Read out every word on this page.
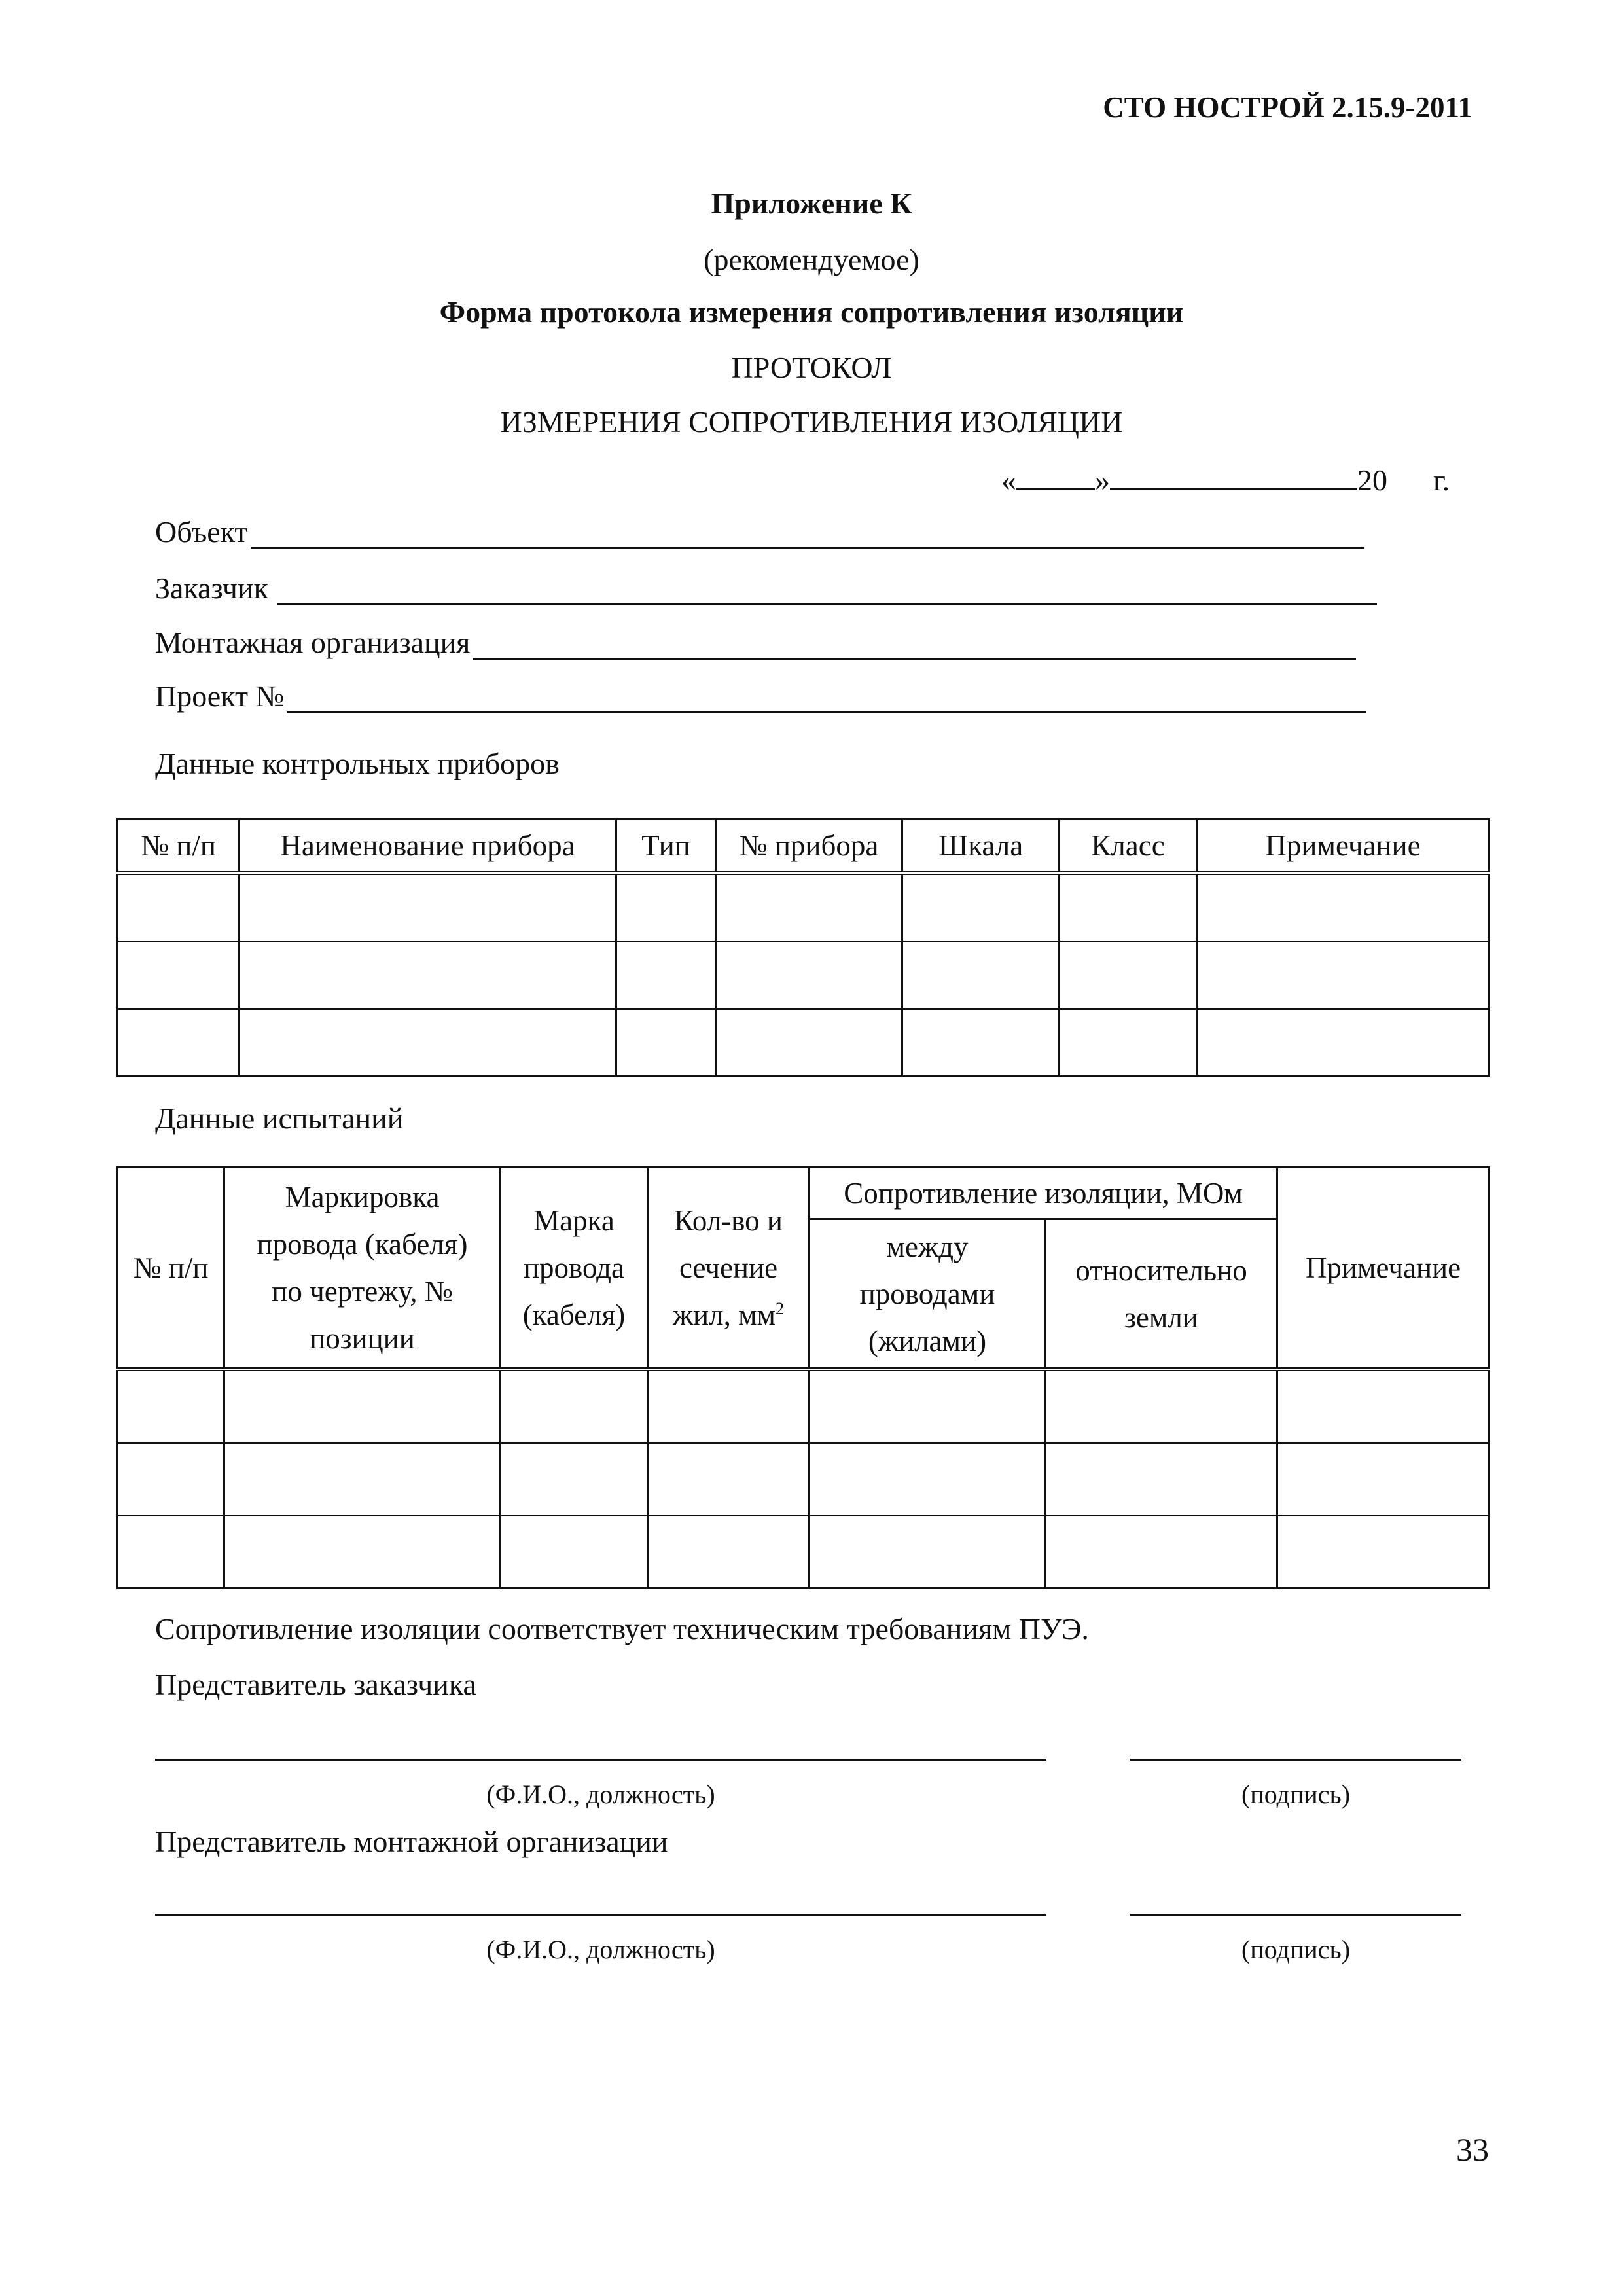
СТО НОСТРОЙ 2.15.9-2011
Приложение К
(рекомендуемое)
Форма протокола измерения сопротивления изоляции
ПРОТОКОЛ
ИЗМЕРЕНИЯ СОПРОТИВЛЕНИЯ ИЗОЛЯЦИИ
«	»	20 г.
Объект
Заказчик
Монтажная организация
Проект №
Данные контрольных приборов
№ п/п	Наименование прибора	Тип	№ прибора	Шкала	Класс	Примечание

Данные испытаний
№ п/п	Маркировка провода (кабеля) по чертежу, № позиции	Марка провода (кабеля)	Кол-во и сечение жил, $мм^2$	Сопротивление изоляции, МОм		Примечание
				между проводами (жилами)	относительно земли	

Сопротивление изоляции соответствует техническим требованиям ПУЭ.
Представитель заказчика
(Ф.И.О., должность)	(подпись)
Представитель монтажной организации
(Ф.И.О., должность)	(подпись)
33
